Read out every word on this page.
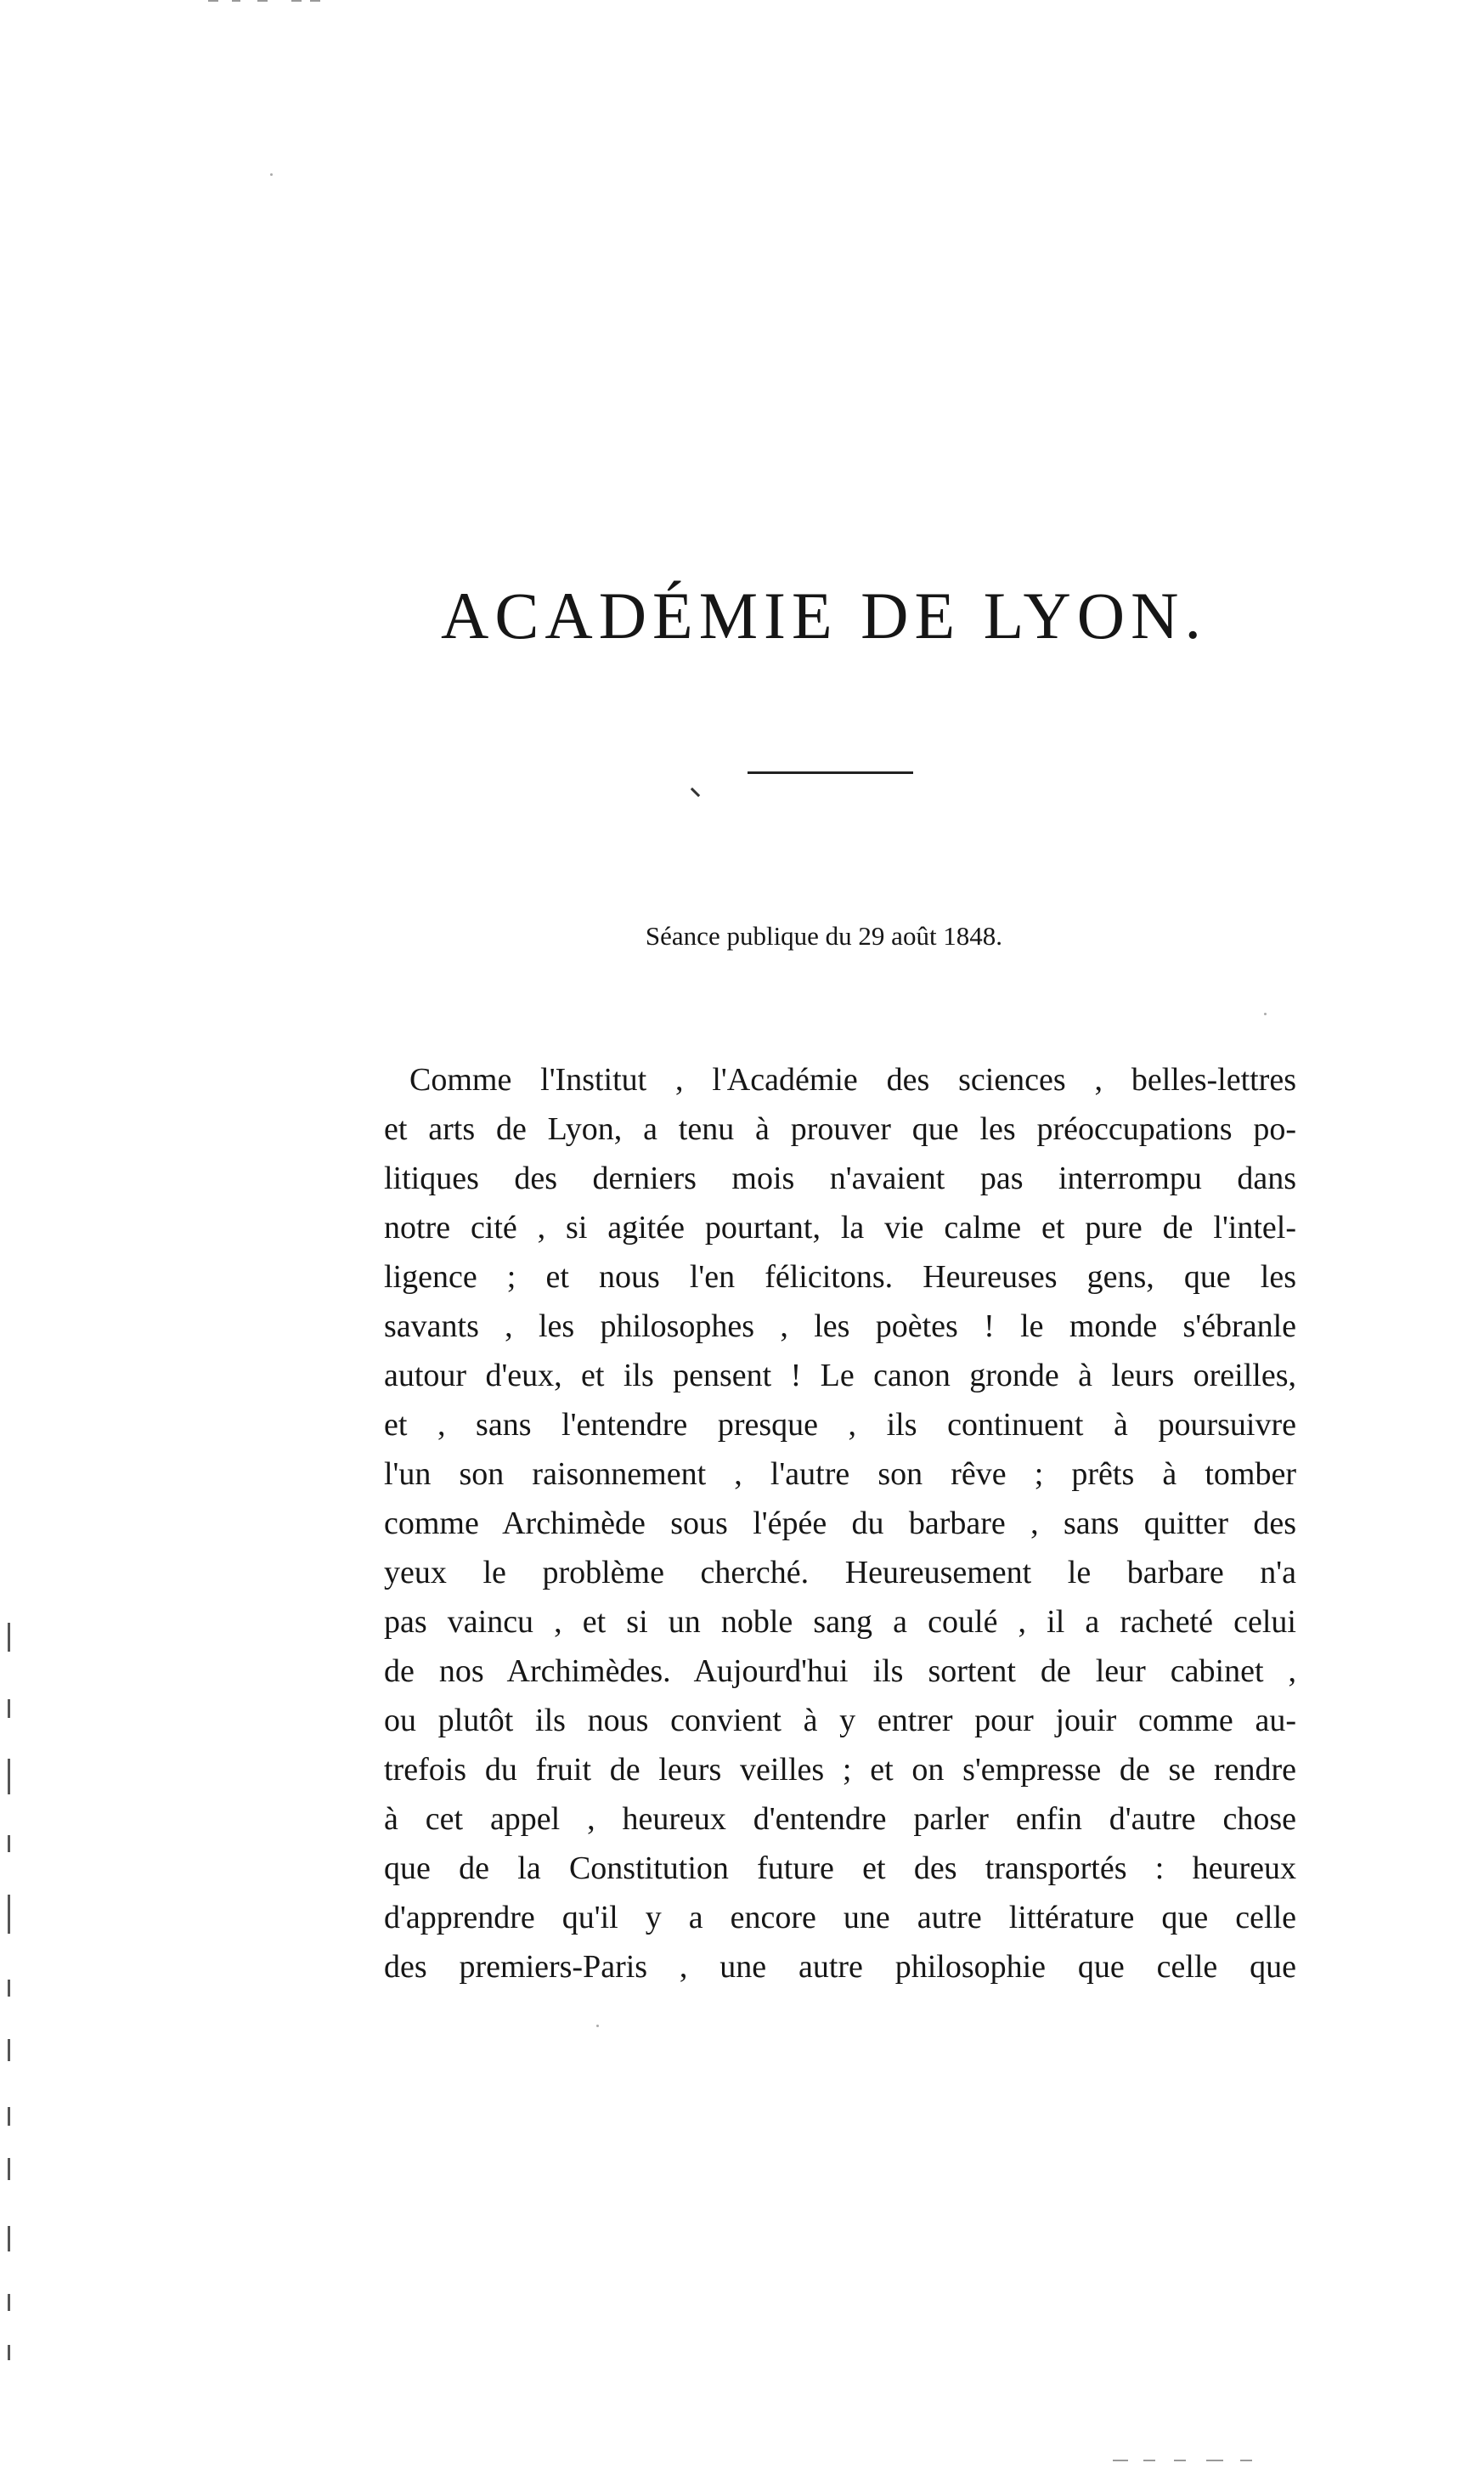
ACADÉMIE DE LYON.

Séance publique du 29 août 1848.

Comme l'Institut , l'Académie des sciences , belles-lettres
et arts de Lyon, a tenu à prouver que les préoccupations po-
litiques des derniers mois n'avaient pas interrompu dans
notre cité , si agitée pourtant, la vie calme et pure de l'intel-
ligence ; et nous l'en félicitons. Heureuses gens, que les
savants , les philosophes , les poètes ! le monde s'ébranle
autour d'eux, et ils pensent ! Le canon gronde à leurs oreilles,
et , sans l'entendre presque , ils continuent à poursuivre
l'un son raisonnement , l'autre son rêve ; prêts à tomber
comme Archimède sous l'épée du barbare , sans quitter des
yeux le problème cherché. Heureusement le barbare n'a
pas vaincu , et si un noble sang a coulé , il a racheté celui
de nos Archimèdes. Aujourd'hui ils sortent de leur cabinet ,
ou plutôt ils nous convient à y entrer pour jouir comme au-
trefois du fruit de leurs veilles ; et on s'empresse de se rendre
à cet appel , heureux d'entendre parler enfin d'autre chose
que de la Constitution future et des transportés : heureux
d'apprendre qu'il y a encore une autre littérature que celle
des premiers-Paris , une autre philosophie que celle que
